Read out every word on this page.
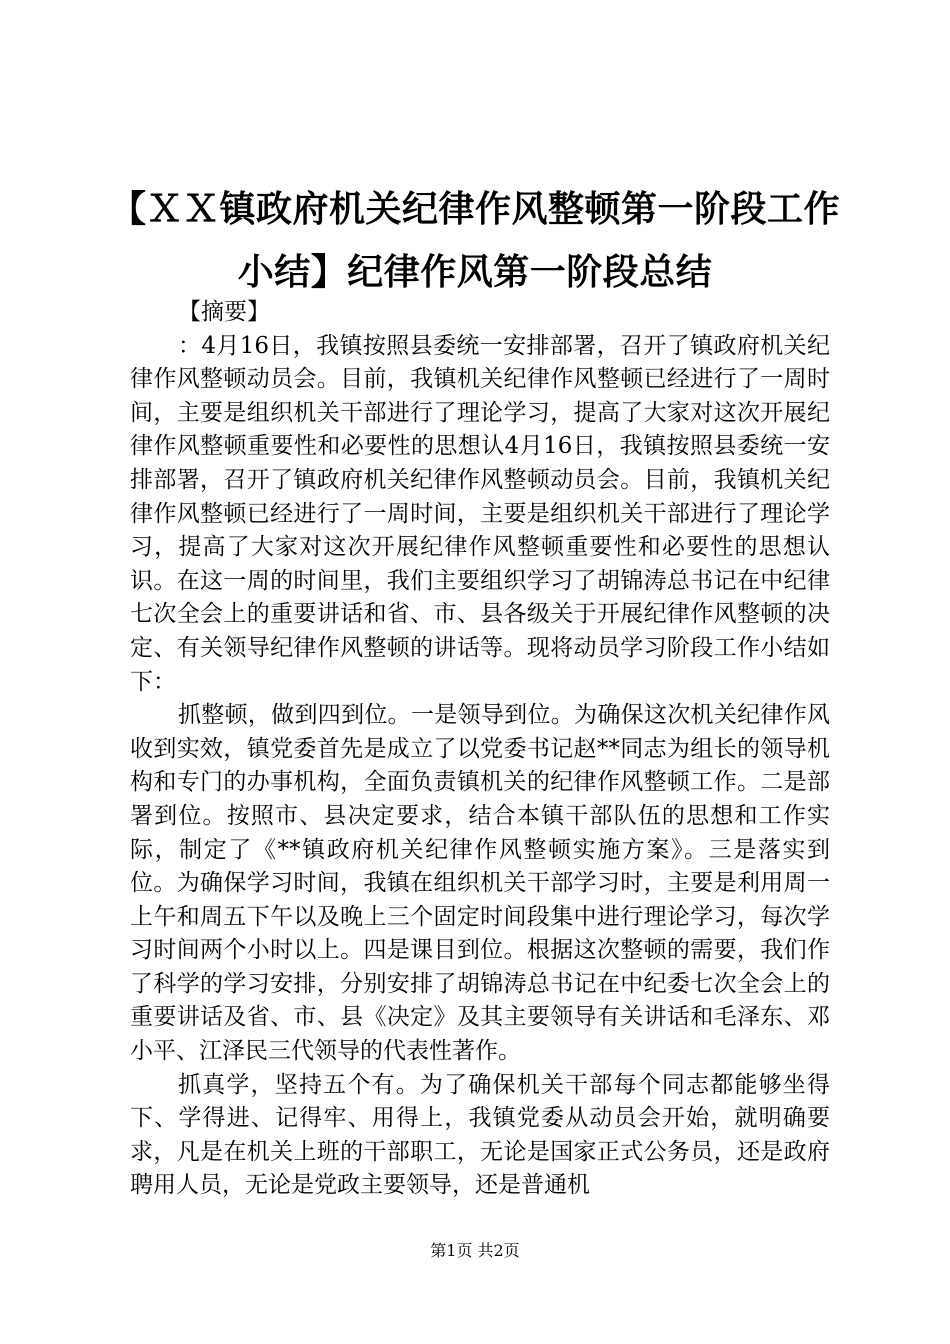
【ＸＸ镇政府机关纪律作风整顿第一阶段工作
小结】纪律作风第一阶段总结

【摘要】

：4月16日，我镇按照县委统一安排部署，召开了镇政府机关纪律作风整顿动员会。目前，我镇机关纪律作风整顿已经进行了一周时间，主要是组织机关干部进行了理论学习，提高了大家对这次开展纪律作风整顿重要性和必要性的思想认4月16日，我镇按照县委统一安排部署，召开了镇政府机关纪律作风整顿动员会。目前，我镇机关纪律作风整顿已经进行了一周时间，主要是组织机关干部进行了理论学习，提高了大家对这次开展纪律作风整顿重要性和必要性的思想认识。在这一周的时间里，我们主要组织学习了胡锦涛总书记在中纪律七次全会上的重要讲话和省、市、县各级关于开展纪律作风整顿的决定、有关领导纪律作风整顿的讲话等。现将动员学习阶段工作小结如下：

抓整顿，做到四到位。一是领导到位。为确保这次机关纪律作风收到实效，镇党委首先是成立了以党委书记赵**同志为组长的领导机构和专门的办事机构，全面负责镇机关的纪律作风整顿工作。二是部署到位。按照市、县决定要求，结合本镇干部队伍的思想和工作实际，制定了《**镇政府机关纪律作风整顿实施方案》。三是落实到位。为确保学习时间，我镇在组织机关干部学习时，主要是利用周一上午和周五下午以及晚上三个固定时间段集中进行理论学习，每次学习时间两个小时以上。四是课目到位。根据这次整顿的需要，我们作了科学的学习安排，分别安排了胡锦涛总书记在中纪委七次全会上的重要讲话及省、市、县《决定》及其主要领导有关讲话和毛泽东、邓小平、江泽民三代领导的代表性著作。

抓真学，坚持五个有。为了确保机关干部每个同志都能够坐得下、学得进、记得牢、用得上，我镇党委从动员会开始，就明确要求，凡是在机关上班的干部职工，无论是国家正式公务员，还是政府聘用人员，无论是党政主要领导，还是普通机

第1页 共2页
